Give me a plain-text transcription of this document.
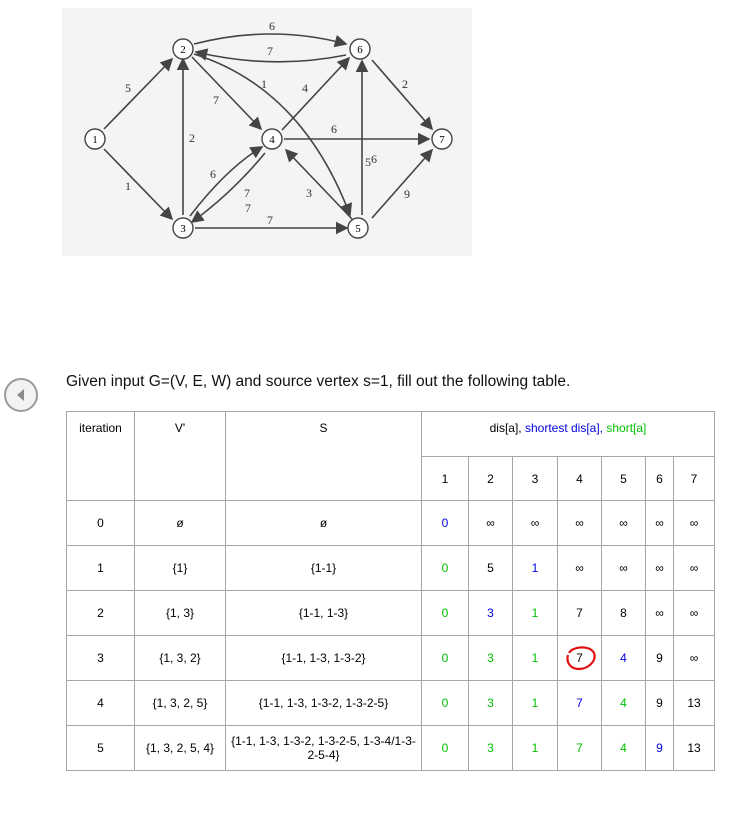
5
1
2
7
1	4
7
6
6
7
7	3
6
5
9
2
6
7
1
2
3
4
5
6
7
Given input G=(V, E, W) and source vertex s=1, fill out the following table.
iteration	V'	S	dis[a], shortest dis[a], short[a]						
			1	2	3	4	5	6	7
0	ø	ø	0	∞	∞	∞	∞	∞	∞
1	{1}	{1-1}	0	5	1	∞	∞	∞	∞
2	{1, 3}	{1-1, 1-3}	0	3	1	7	8	∞	∞
3	{1, 3, 2}	{1-1, 1-3, 1-3-2}	0	3	1	7	4	9	∞
4	{1, 3, 2, 5}	{1-1, 1-3, 1-3-2, 1-3-2-5}	0	3	1	7	4	9	13
5	{1, 3, 2, 5, 4}	{1-1, 1-3, 1-3-2, 1-3-2-5, 1-3-4/1-3-2-5-4}	0	3	1	7	4	9	13
